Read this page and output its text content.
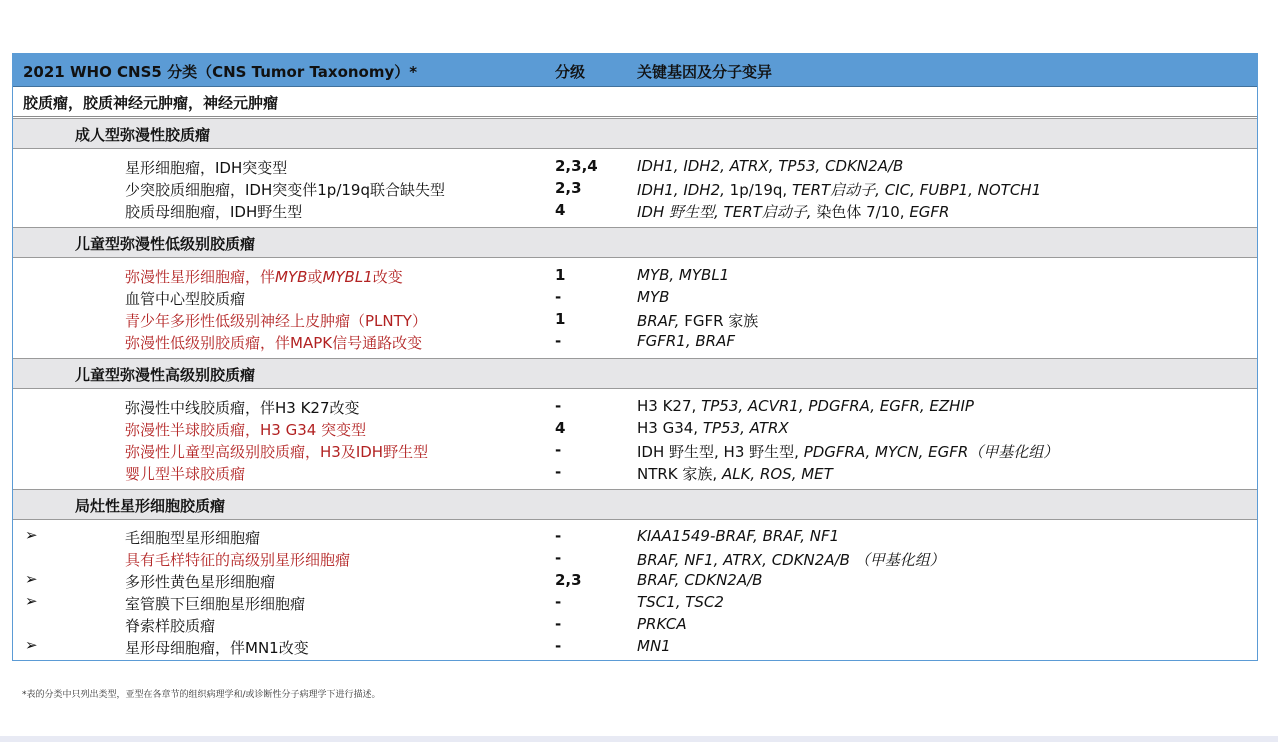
2021 WHO CNS5 分类（CNS Tumor Taxonomy）*	分级	关键基因及分子变异
胶质瘤，胶质神经元肿瘤，神经元肿瘤
成人型弥漫性胶质瘤
星形细胞瘤，IDH突变型	2,3,4	IDH1, IDH2, ATRX, TP53, CDKN2A/B
少突胶质细胞瘤，IDH突变伴1p/19q联合缺失型	2,3	IDH1, IDH2, 1p/19q, TERT启动子, CIC, FUBP1, NOTCH1
胶质母细胞瘤，IDH野生型	4	IDH 野生型, TERT启动子, 染色体 7/10, EGFR
儿童型弥漫性低级别胶质瘤
弥漫性星形细胞瘤，伴MYB或MYBL1改变	1	MYB, MYBL1
血管中心型胶质瘤	-	MYB
青少年多形性低级别神经上皮肿瘤（PLNTY）	1	BRAF, FGFR 家族
弥漫性低级别胶质瘤，伴MAPK信号通路改变	-	FGFR1, BRAF
儿童型弥漫性高级别胶质瘤
弥漫性中线胶质瘤，伴H3 K27改变	-	H3 K27, TP53, ACVR1, PDGFRA, EGFR, EZHIP
弥漫性半球胶质瘤，H3 G34 突变型	4	H3 G34, TP53, ATRX
弥漫性儿童型高级别胶质瘤，H3及IDH野生型	-	IDH 野生型, H3 野生型, PDGFRA, MYCN, EGFR（甲基化组）
婴儿型半球胶质瘤	-	NTRK 家族, ALK, ROS, MET
局灶性星形细胞胶质瘤
➢	毛细胞型星形细胞瘤	-	KIAA1549-BRAF, BRAF, NF1
具有毛样特征的高级别星形细胞瘤	-	BRAF, NF1, ATRX, CDKN2A/B （甲基化组）
➢	多形性黄色星形细胞瘤	2,3	BRAF, CDKN2A/B
➢	室管膜下巨细胞星形细胞瘤	-	TSC1, TSC2
脊索样胶质瘤	-	PRKCA
➢	星形母细胞瘤，伴MN1改变	-	MN1
*表的分类中只列出类型，亚型在各章节的组织病理学和/或诊断性分子病理学下进行描述。
